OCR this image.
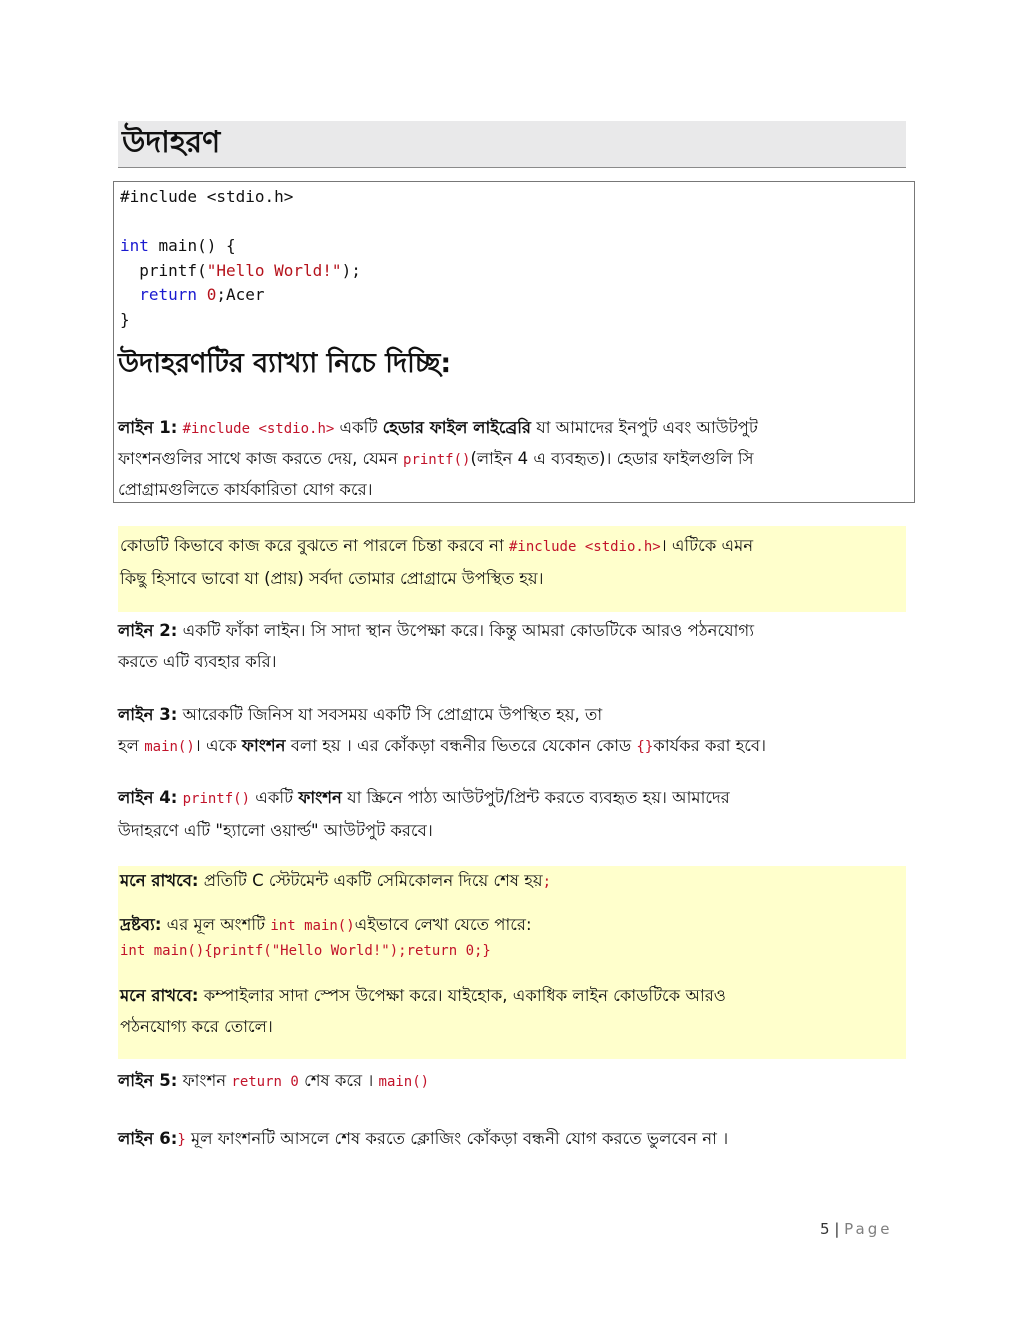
উদাহরণ
#include <stdio.h>

int main() {
printf("Hello World!");
return 0;Acer
}
উদাহরণটির ব্যাখ্যা নিচে দিচ্ছি:
লাইন 1: #include <stdio.h> একটি হেডার ফাইল লাইব্রেরি যা আমাদের ইনপুট এবং আউটপুট
ফাংশনগুলির সাথে কাজ করতে দেয়, যেমন printf()(লাইন 4 এ ব্যবহৃত)। হেডার ফাইলগুলি সি
প্রোগ্রামগুলিতে কার্যকারিতা যোগ করে।
কোডটি কিভাবে কাজ করে বুঝতে না পারলে চিন্তা করবে না #include <stdio.h>। এটিকে এমন
কিছু হিসাবে ভাবো যা (প্রায়) সর্বদা তোমার প্রোগ্রামে উপস্থিত হয়।
লাইন 2: একটি ফাঁকা লাইন। সি সাদা স্থান উপেক্ষা করে। কিন্তু আমরা কোডটিকে আরও পঠনযোগ্য
করতে এটি ব্যবহার করি।
লাইন 3: আরেকটি জিনিস যা সবসময় একটি সি প্রোগ্রামে উপস্থিত হয়, তা
হল main()। একে ফাংশন বলা হয় । এর কোঁকড়া বন্ধনীর ভিতরে যেকোন কোড {}কার্যকর করা হবে।
লাইন 4: printf() একটি ফাংশন যা স্ক্রিনে পাঠ্য আউটপুট/প্রিন্ট করতে ব্যবহৃত হয়। আমাদের
উদাহরণে এটি "হ্যালো ওয়ার্ল্ড" আউটপুট করবে।
মনে রাখবে: প্রতিটি C স্টেটমেন্ট একটি সেমিকোলন দিয়ে শেষ হয়;
দ্রষ্টব্য: এর মূল অংশটি int main()এইভাবে লেখা যেতে পারে:
int main(){printf("Hello World!");return 0;}
মনে রাখবে: কম্পাইলার সাদা স্পেস উপেক্ষা করে। যাইহোক, একাধিক লাইন কোডটিকে আরও
পঠনযোগ্য করে তোলে।
লাইন 5: ফাংশন return 0 শেষ করে । main()
লাইন 6:} মূল ফাংশনটি আসলে শেষ করতে ক্লোজিং কোঁকড়া বন্ধনী যোগ করতে ভুলবেন না ।
5 | Page
